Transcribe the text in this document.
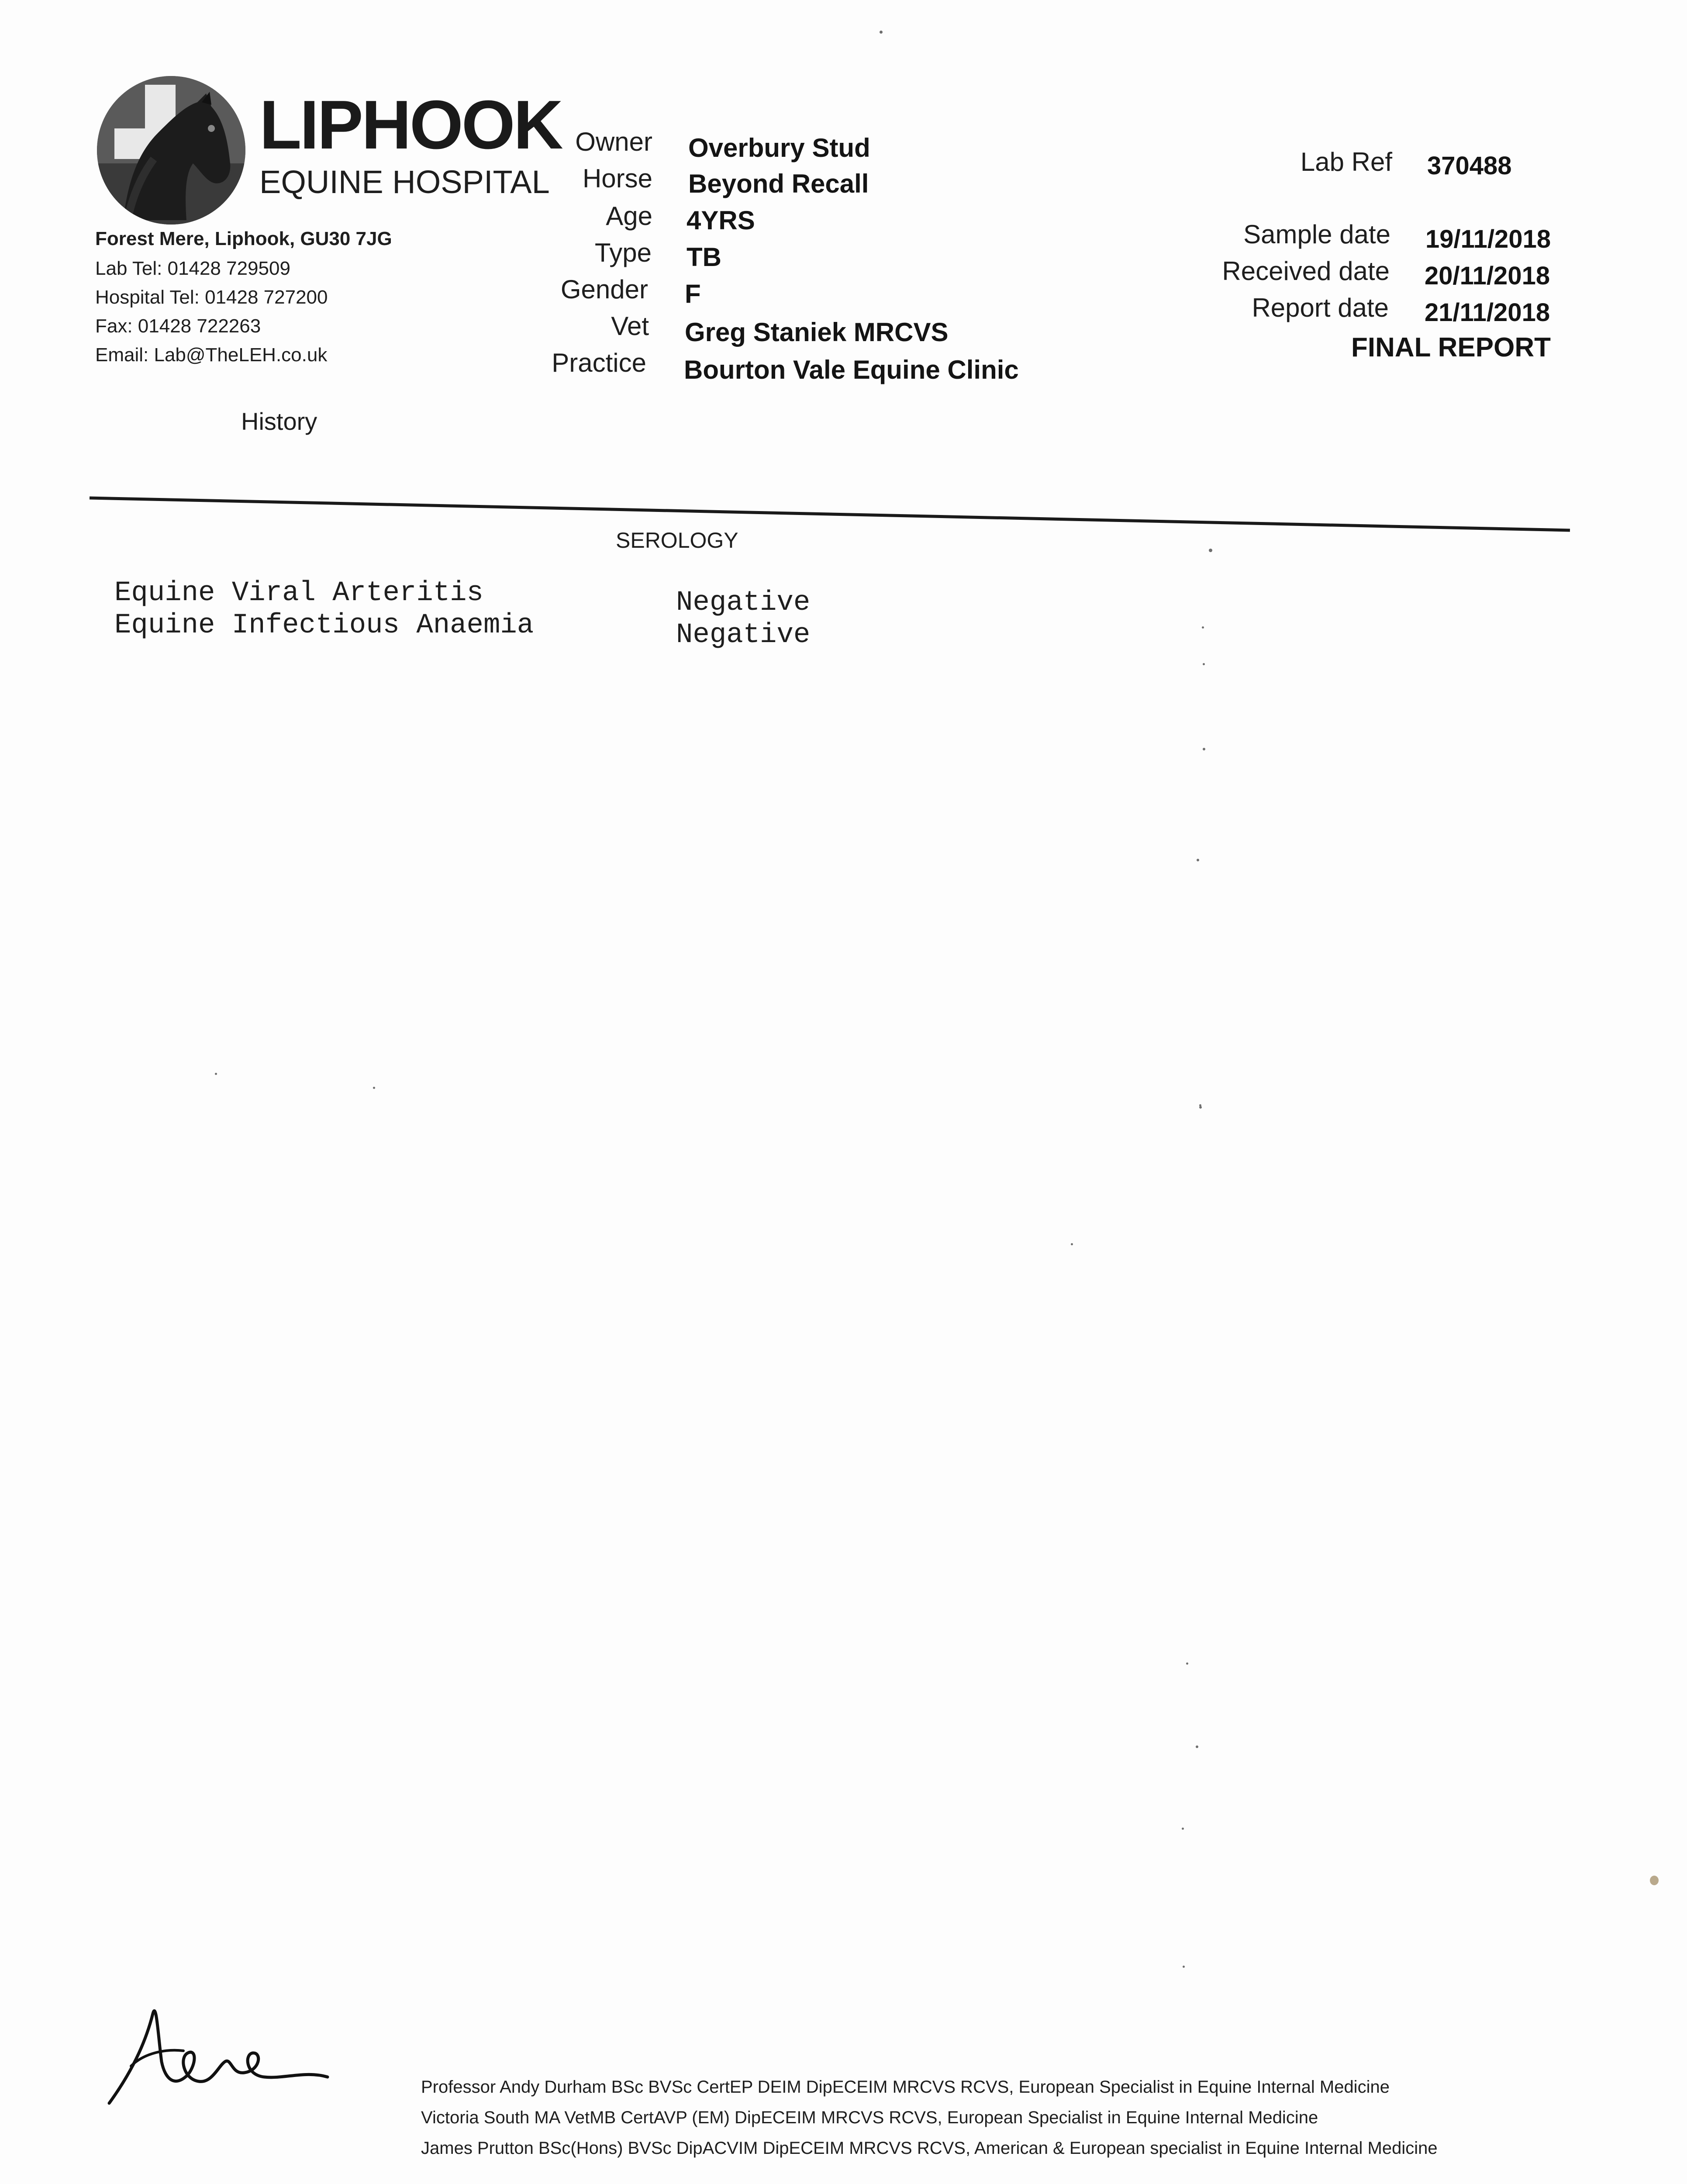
LIPHOOK
EQUINE HOSPITAL
Forest Mere, Liphook, GU30 7JG
Lab Tel: 01428 729509
Hospital Tel: 01428 727200
Fax: 01428 722263
Email: Lab@TheLEH.co.uk
History
Owner Overbury Stud
Horse Beyond Recall
Age 4YRS
Type TB
Gender F
Vet Greg Staniek MRCVS
Practice Bourton Vale Equine Clinic
Lab Ref 370488
Sample date 19/11/2018
Received date 20/11/2018
Report date 21/11/2018
FINAL REPORT
SEROLOGY
Equine Viral Arteritis	Negative
Equine Infectious Anaemia	Negative
Professor Andy Durham BSc BVSc CertEP DEIM DipECEIM MRCVS RCVS, European Specialist in Equine Internal Medicine
Victoria South MA VetMB CertAVP (EM) DipECEIM MRCVS RCVS, European Specialist in Equine Internal Medicine
James Prutton BSc(Hons) BVSc DipACVIM DipECEIM MRCVS RCVS, American & European specialist in Equine Internal Medicine
